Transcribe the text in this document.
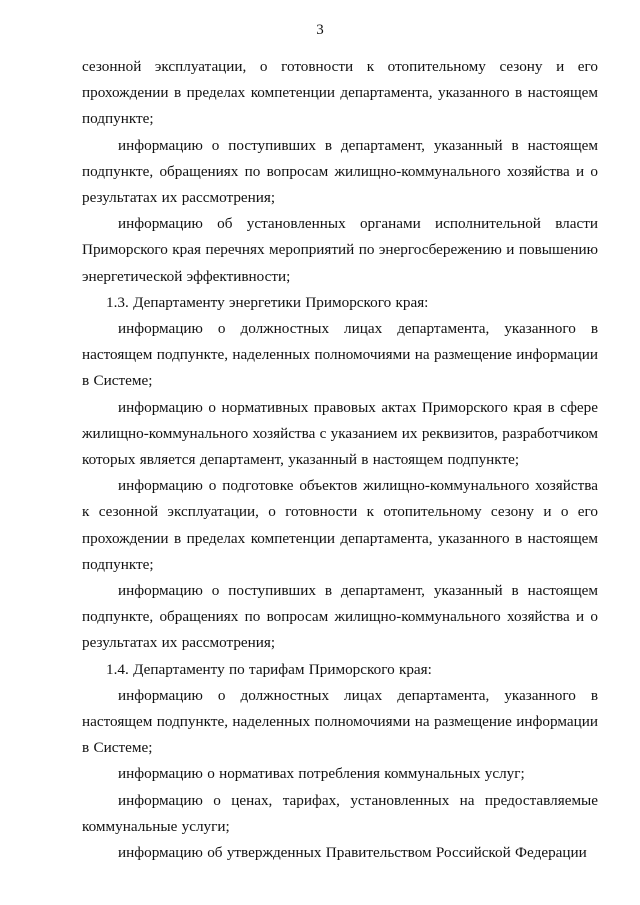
3

сезонной эксплуатации, о готовности к отопительному сезону и его прохождении в пределах компетенции департамента, указанного в настоящем подпункте;

информацию о поступивших в департамент, указанный в настоящем подпункте, обращениях по вопросам жилищно-коммунального хозяйства и о результатах их рассмотрения;

информацию об установленных органами исполнительной власти Приморского края перечнях мероприятий по энергосбережению и повышению энергетической эффективности;

1.3. Департаменту энергетики Приморского края:

информацию о должностных лицах департамента, указанного в настоящем подпункте, наделенных полномочиями на размещение информации в Системе;

информацию о нормативных правовых актах Приморского края в сфере жилищно-коммунального хозяйства с указанием их реквизитов, разработчиком которых является департамент, указанный в настоящем подпункте;

информацию о подготовке объектов жилищно-коммунального хозяйства к сезонной эксплуатации, о готовности к отопительному сезону и о его прохождении в пределах компетенции департамента, указанного в настоящем подпункте;

информацию о поступивших в департамент, указанный в настоящем подпункте, обращениях по вопросам жилищно-коммунального хозяйства и о результатах их рассмотрения;

1.4. Департаменту по тарифам Приморского края:

информацию о должностных лицах департамента, указанного в настоящем подпункте, наделенных полномочиями на размещение информации в Системе;

информацию о нормативах потребления коммунальных услуг;

информацию о ценах, тарифах, установленных на предоставляемые коммунальные услуги;

информацию об утвержденных Правительством Российской Федерации
